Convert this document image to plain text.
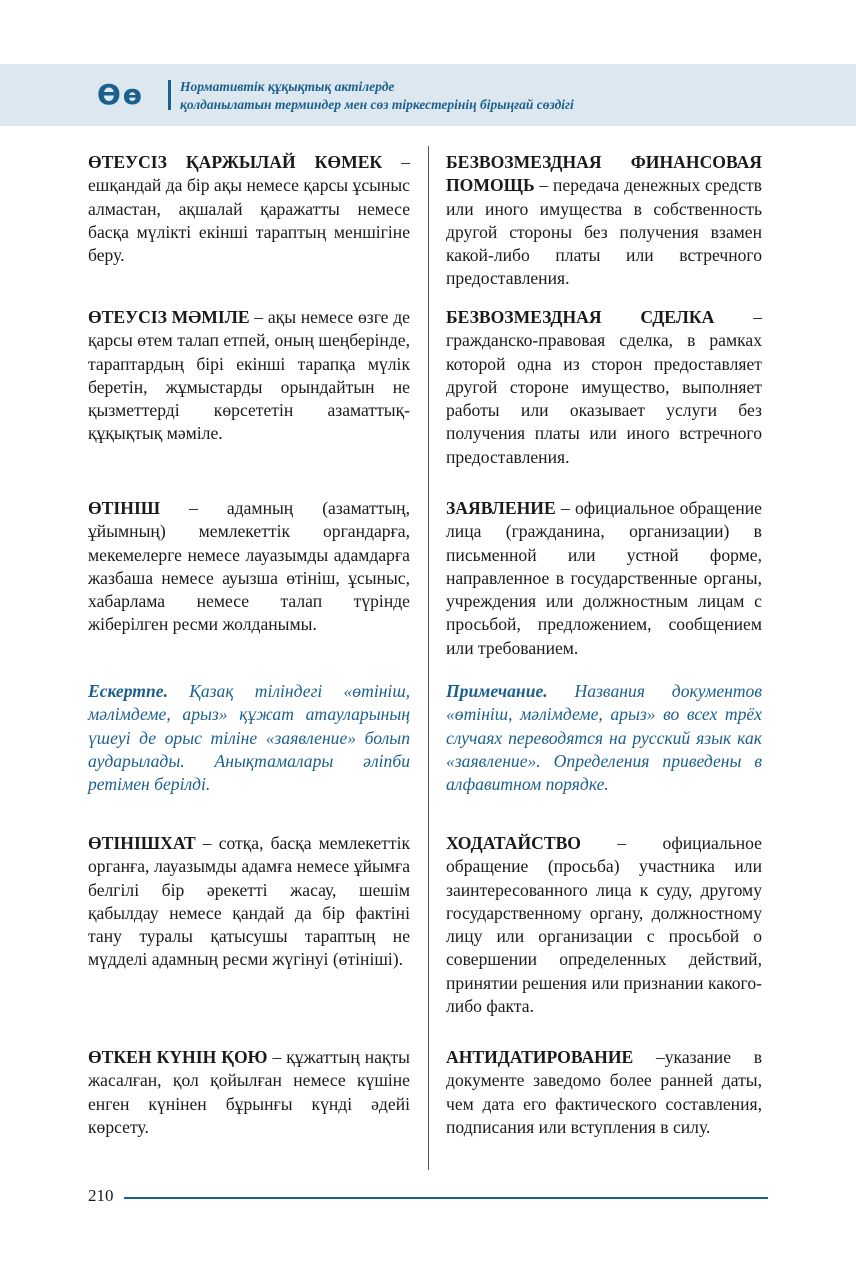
Өө	Нормативтік құқықтық актілерде
қолданылатын терминдер мен сөз тіркестерінің бірыңғай сөздігі

ӨТЕУСІЗ ҚАРЖЫЛАЙ КӨМЕК – ешқандай да бір ақы немесе қарсы ұсыныс алмастан, ақшалай қаражатты немесе басқа мүлікті екінші тараптың меншігіне беру.

БЕЗВОЗМЕЗДНАЯ ФИНАНСОВАЯ ПОМОЩЬ – передача денежных средств или иного имущества в собственность другой стороны без получения взамен какой-либо платы или встречного предоставления.

ӨТЕУСІЗ МӘМІЛЕ – ақы немесе өзге де қарсы өтем талап етпей, оның шеңберінде, тараптардың бірі екінші тарапқа мүлік беретін, жұмыстарды орындайтын не қызметтерді көрсететін азаматтық-құқықтық мәміле.

БЕЗВОЗМЕЗДНАЯ СДЕЛКА – гражданско-правовая сделка, в рамках которой одна из сторон предоставляет другой стороне имущество, выполняет работы или оказывает услуги без получения платы или иного встречного предоставления.

ӨТІНІШ – адамның (азаматтың, ұйымның) мемлекеттік органдарға, мекемелерге немесе лауазымды адамдарға жазбаша немесе ауызша өтініш, ұсыныс, хабарлама немесе талап түрінде жіберілген ресми жолданымы.

ЗАЯВЛЕНИЕ – официальное обращение лица (гражданина, организации) в письменной или устной форме, направленное в государственные органы, учреждения или должностным лицам с просьбой, предложением, сообщением или требованием.

Ескертпе. Қазақ тіліндегі «өтініш, мәлімдеме, арыз» құжат атауларының үшеуі де орыс тіліне «заявление» болып аударылады. Анықтамалары әліпби ретімен берілді.

Примечание. Названия документов «өтініш, мәлімдеме, арыз» во всех трёх случаях переводятся на русский язык как «заявление». Определения приведены в алфавитном порядке.

ӨТІНІШХАТ – сотқа, басқа мемлекеттік органға, лауазымды адамға немесе ұйымға белгілі бір әрекетті жасау, шешім қабылдау немесе қандай да бір фактіні тану туралы қатысушы тараптың не мүдделі адамның ресми жүгінуі (өтініші).

ХОДАТАЙСТВО – официальное обращение (просьба) участника или заинтересованного лица к суду, другому государственному органу, должностному лицу или организации с просьбой о совершении определенных действий, принятии решения или признании какого-либо факта.

ӨТКЕН КҮНІН ҚОЮ – құжаттың нақты жасалған, қол қойылған немесе күшіне енген күнінен бұрынғы күнді әдейі көрсету.

АНТИДАТИРОВАНИЕ –указание в документе заведомо более ранней даты, чем дата его фактического составления, подписания или вступления в силу.

210
